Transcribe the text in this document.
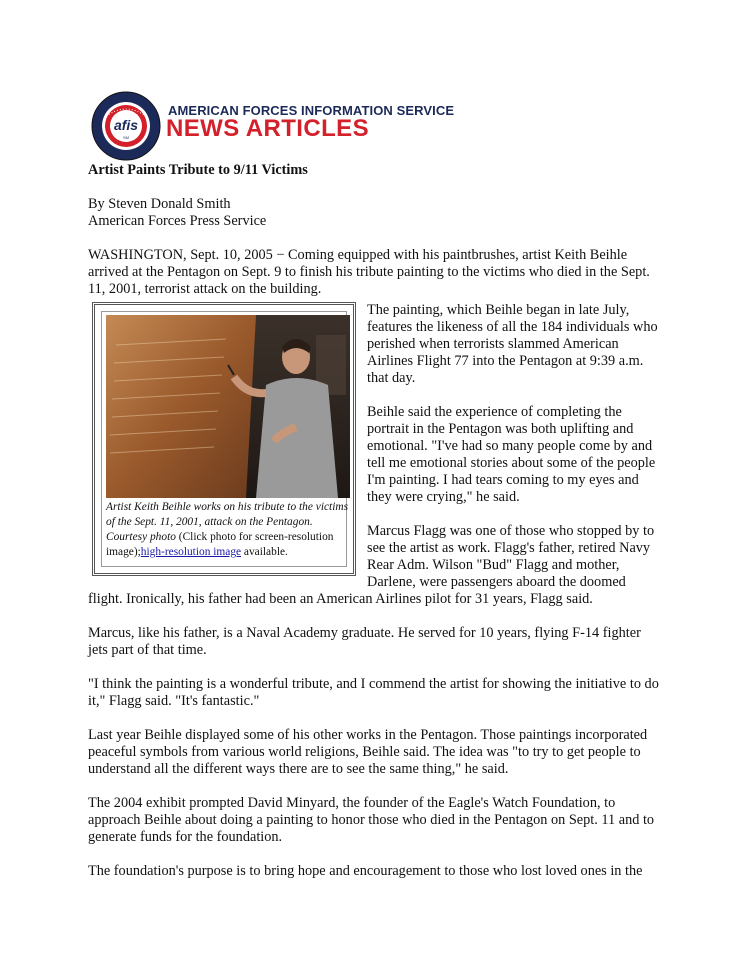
afis
SM
AMERICAN FORCES INFORMATION SERVICE
NEWS ARTICLES
Artist Paints Tribute to 9/11 Victims
By Steven Donald Smith
American Forces Press Service

WASHINGTON, Sept. 10, 2005 − Coming equipped with his paintbrushes, artist Keith Beihle arrived at the Pentagon on Sept. 9 to finish his tribute painting to the victims who died in the Sept. 11, 2001, terrorist attack on the building.

Artist Keith Beihle works on his tribute to the victims of the Sept. 11, 2001, attack on the Pentagon. Courtesy photo (Click photo for screen-resolution image);high-resolution image available.

The painting, which Beihle began in late July, features the likeness of all the 184 individuals who perished when terrorists slammed American Airlines Flight 77 into the Pentagon at 9:39 a.m. that day.

Beihle said the experience of completing the portrait in the Pentagon was both uplifting and emotional. "I've had so many people come by and tell me emotional stories about some of the people I'm painting. I had tears coming to my eyes and they were crying," he said.

Marcus Flagg was one of those who stopped by to see the artist as work. Flagg's father, retired Navy Rear Adm. Wilson "Bud" Flagg and mother, Darlene, were passengers aboard the doomed flight. Ironically, his father had been an American Airlines pilot for 31 years, Flagg said.

Marcus, like his father, is a Naval Academy graduate. He served for 10 years, flying F-14 fighter jets part of that time.

"I think the painting is a wonderful tribute, and I commend the artist for showing the initiative to do it," Flagg said. "It's fantastic."

Last year Beihle displayed some of his other works in the Pentagon. Those paintings incorporated peaceful symbols from various world religions, Beihle said. The idea was "to try to get people to understand all the different ways there are to see the same thing," he said.

The 2004 exhibit prompted David Minyard, the founder of the Eagle's Watch Foundation, to approach Beihle about doing a painting to honor those who died in the Pentagon on Sept. 11 and to generate funds for the foundation.

The foundation's purpose is to bring hope and encouragement to those who lost loved ones in the
